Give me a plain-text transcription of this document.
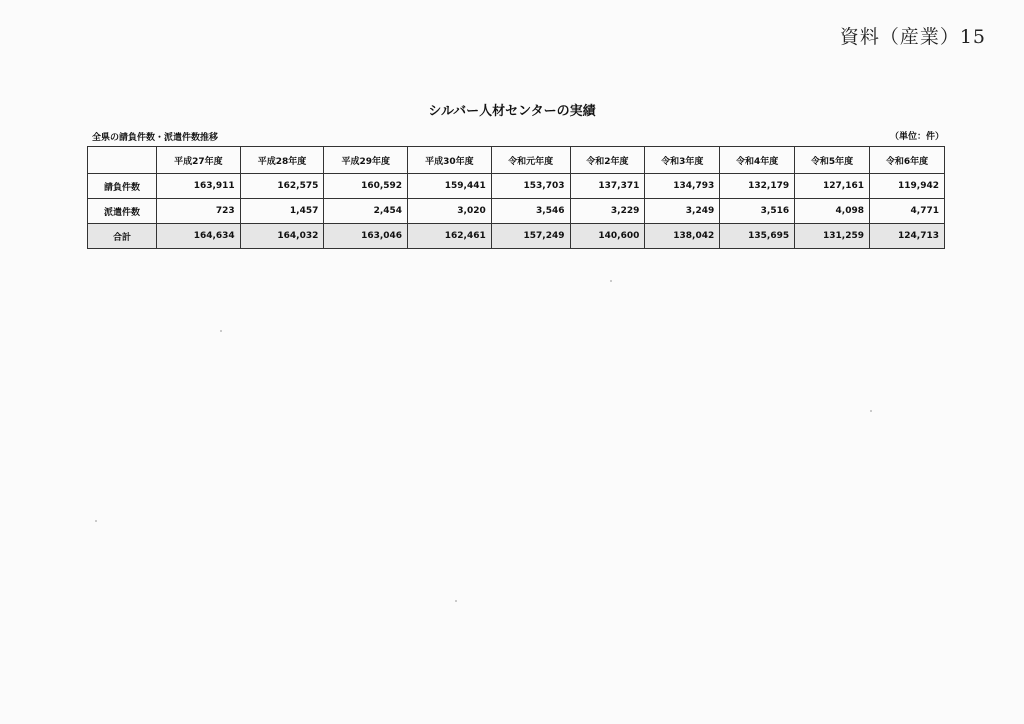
資料（産業）15
シルバー人材センターの実績
全県の請負件数・派遣件数推移	（単位：件）
	平成27年度	平成28年度	平成29年度	平成30年度	令和元年度	令和2年度	令和3年度	令和4年度	令和5年度	令和6年度
請負件数	163,911	162,575	160,592	159,441	153,703	137,371	134,793	132,179	127,161	119,942
派遣件数	723	1,457	2,454	3,020	3,546	3,229	3,249	3,516	4,098	4,771
合計	164,634	164,032	163,046	162,461	157,249	140,600	138,042	135,695	131,259	124,713
